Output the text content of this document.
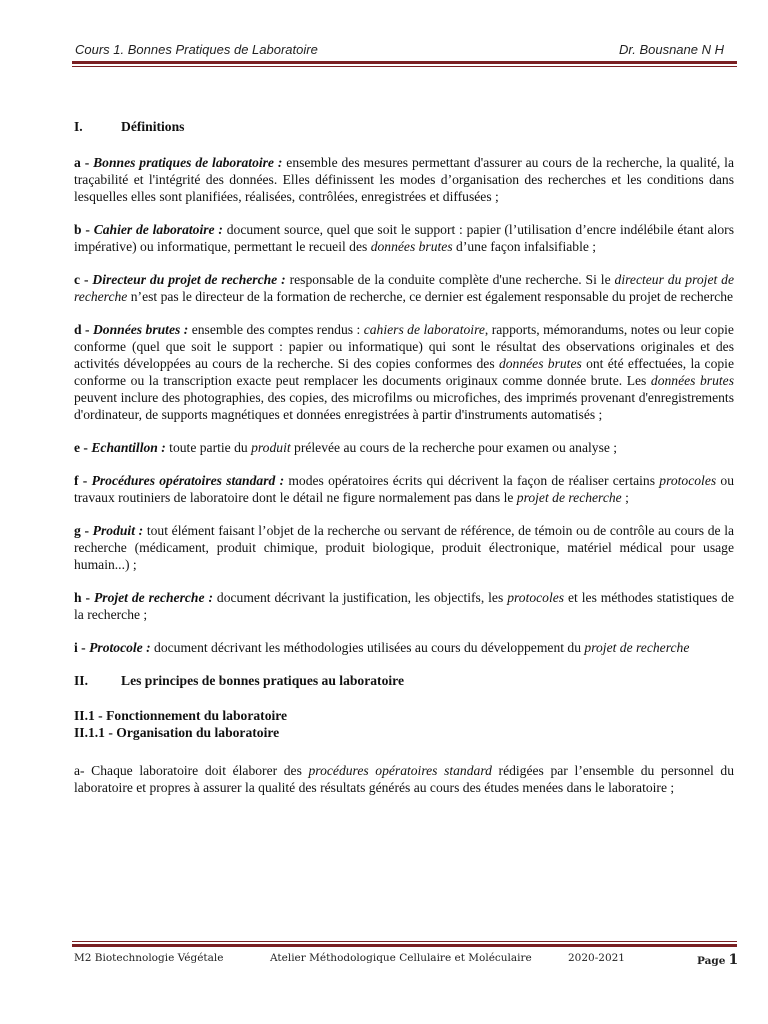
Cours 1. Bonnes Pratiques de Laboratoire	Dr. Bousnane N H

I.	Définitions

a - Bonnes pratiques de laboratoire : ensemble des mesures permettant d'assurer au cours de la recherche, la qualité, la traçabilité et l'intégrité des données. Elles définissent les modes d’organisation des recherches et les conditions dans lesquelles elles sont planifiées, réalisées, contrôlées, enregistrées et diffusées ;

b - Cahier de laboratoire : document source, quel que soit le support : papier (l’utilisation d’encre indélébile étant alors impérative) ou informatique, permettant le recueil des données brutes d’une façon infalsifiable ;

c - Directeur du projet de recherche : responsable de la conduite complète d'une recherche. Si le directeur du projet de recherche n’est pas le directeur de la formation de recherche, ce dernier est également responsable du projet de recherche

d - Données brutes : ensemble des comptes rendus : cahiers de laboratoire, rapports, mémorandums, notes ou leur copie conforme (quel que soit le support : papier ou informatique) qui sont le résultat des observations originales et des activités développées au cours de la recherche. Si des copies conformes des données brutes ont été effectuées, la copie conforme ou la transcription exacte peut remplacer les documents originaux comme donnée brute. Les données brutes peuvent inclure des photographies, des copies, des microfilms ou microfiches, des imprimés provenant d'enregistrements d'ordinateur, de supports magnétiques et données enregistrées à partir d'instruments automatisés ;

e - Echantillon : toute partie du produit prélevée au cours de la recherche pour examen ou analyse ;

f - Procédures opératoires standard : modes opératoires écrits qui décrivent la façon de réaliser certains protocoles ou travaux routiniers de laboratoire dont le détail ne figure normalement pas dans le projet de recherche ;

g - Produit : tout élément faisant l’objet de la recherche ou servant de référence, de témoin ou de contrôle au cours de la recherche (médicament, produit chimique, produit biologique, produit électronique, matériel médical pour usage humain...) ;

h - Projet de recherche : document décrivant la justification, les objectifs, les protocoles et les méthodes statistiques de la recherche ;

i - Protocole : document décrivant les méthodologies utilisées au cours du développement du projet de recherche

II. Les principes de bonnes pratiques au laboratoire

II.1 - Fonctionnement du laboratoire

II.1.1 - Organisation du laboratoire

a- Chaque laboratoire doit élaborer des procédures opératoires standard rédigées par l’ensemble du personnel du laboratoire et propres à assurer la qualité des résultats générés au cours des études menées dans le laboratoire ;

M2 Biotechnologie Végétale	Atelier Méthodologique Cellulaire et Moléculaire	2020-2021	Page 1
